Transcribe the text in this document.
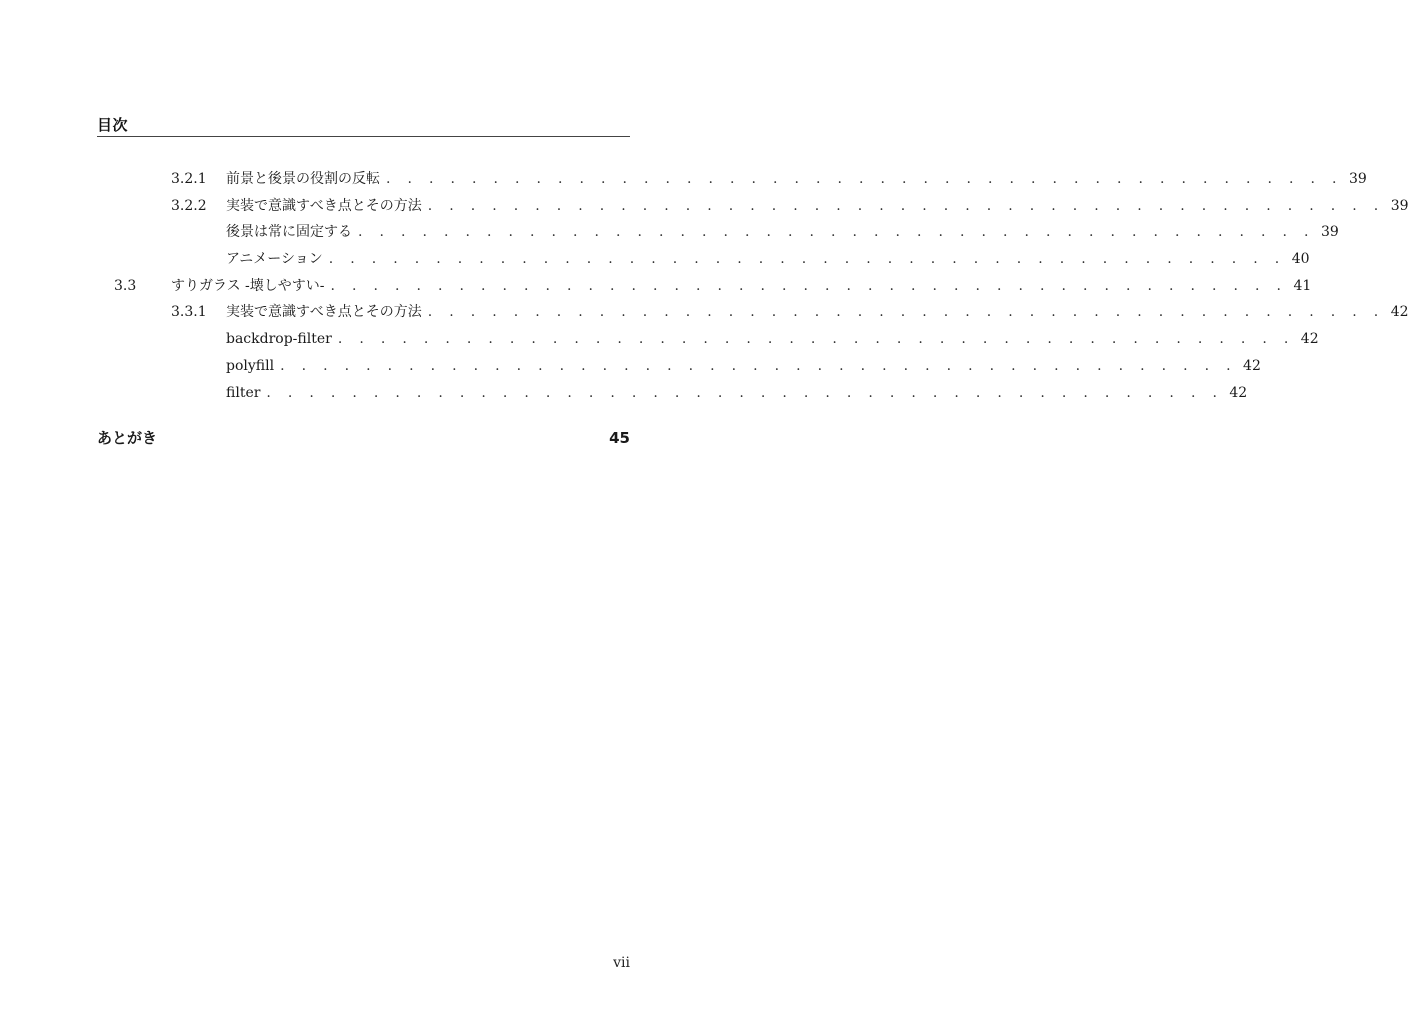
目次
3.2.1 前景と後景の役割の反転 . . . . . . . . . . . . . . . . . . . . . . . . . . . . . . . . . . . . . . . . . . . . . 39
3.2.2 実装で意識すべき点とその方法 . . . . . . . . . . . . . . . . . . . . . . . . . . . . . . . . . . . . . . . . . . . . . 39
後景は常に固定する . . . . . . . . . . . . . . . . . . . . . . . . . . . . . . . . . . . . . . . . . . . . . 39
アニメーション . . . . . . . . . . . . . . . . . . . . . . . . . . . . . . . . . . . . . . . . . . . . . 40
3.3 すりガラス -壊しやすい- . . . . . . . . . . . . . . . . . . . . . . . . . . . . . . . . . . . . . . . . . . . . . 41
3.3.1 実装で意識すべき点とその方法 . . . . . . . . . . . . . . . . . . . . . . . . . . . . . . . . . . . . . . . . . . . . . 42
backdrop-filter . . . . . . . . . . . . . . . . . . . . . . . . . . . . . . . . . . . . . . . . . . . . . 42
polyfill . . . . . . . . . . . . . . . . . . . . . . . . . . . . . . . . . . . . . . . . . . . . . 42
filter . . . . . . . . . . . . . . . . . . . . . . . . . . . . . . . . . . . . . . . . . . . . . 42
あとがき	45
vii
